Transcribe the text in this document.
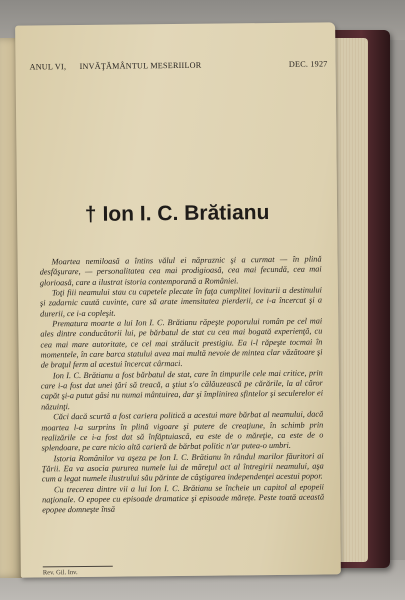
ANUL VI, INVĂŢĂMÂNTUL MESERIILOR	DEC. 1927
† Ion I. C. Brătianu

Moartea nemiloasă a întins vălul ei năpraznic şi a curmat — în plină desfăşurare, — personalitatea cea mai prodigioasă, cea mai fecundă, cea mai glorioasă, care a ilustrat istoria contemporană a României.

Toţi fiii neamului stau cu capetele plecate în faţa cumplitei loviturii a destinului şi zadarnic caută cuvinte, care să arate imensitatea pierderii, ce i-a încercat şi a durerii, ce i-a copleşit.

Prematura moarte a lui Ion I. C. Brătianu răpeşte poporului român pe cel mai ales dintre conducătorii lui, pe bărbatul de stat cu cea mai bogată experienţă, cu cea mai mare autoritate, ce cel mai strălucit prestigiu. Ea i-l răpeşte tocmai în momentele, în care barca statului avea mai multă nevoie de mintea clar văzătoare şi de braţul ferm al acestui încercat cârmaci.

Ion I. C. Brătianu a fost bărbatul de stat, care în timpurile cele mai critice, prin care i-a fost dat unei ţări să treacă, a ştiut s'o călăuzească pe cărările, la al căror capăt şi-a putut găsi nu numai mântuirea, dar şi împlinirea sfintelor şi seculerelor ei năzuinţi.

Căci dacă scurtă a fost cariera politică a acestui mare bărbat al neamului, dacă moartea l-a surprins în plină vigoare şi putere de creaţiune, în schimb prin realizările ce i-a fost dat să înfăptuiască, ea este de o măreţie, ca este de o splendoare, pe care nicio altă carieră de bărbat politic n'ar putea-o umbri.

Istoria Românilor va aşeza pe Ion I. C. Brătianu în rândul marilor făuritori ai Ţării. Ea va asocia pururea numele lui de măreţul act al întregirii neamului, aşa cum a legat numele ilustrului său părinte de câştigarea independenţei acestui popor.

Cu trecerea dintre vii a lui Ion I. C. Brătianu se încheie un capitol al epopeii naţionale. O epopee cu episoade dramatice şi episoade mărețe. Peste toată această epopee domneşte însă

Rev. Gil. Inv.
